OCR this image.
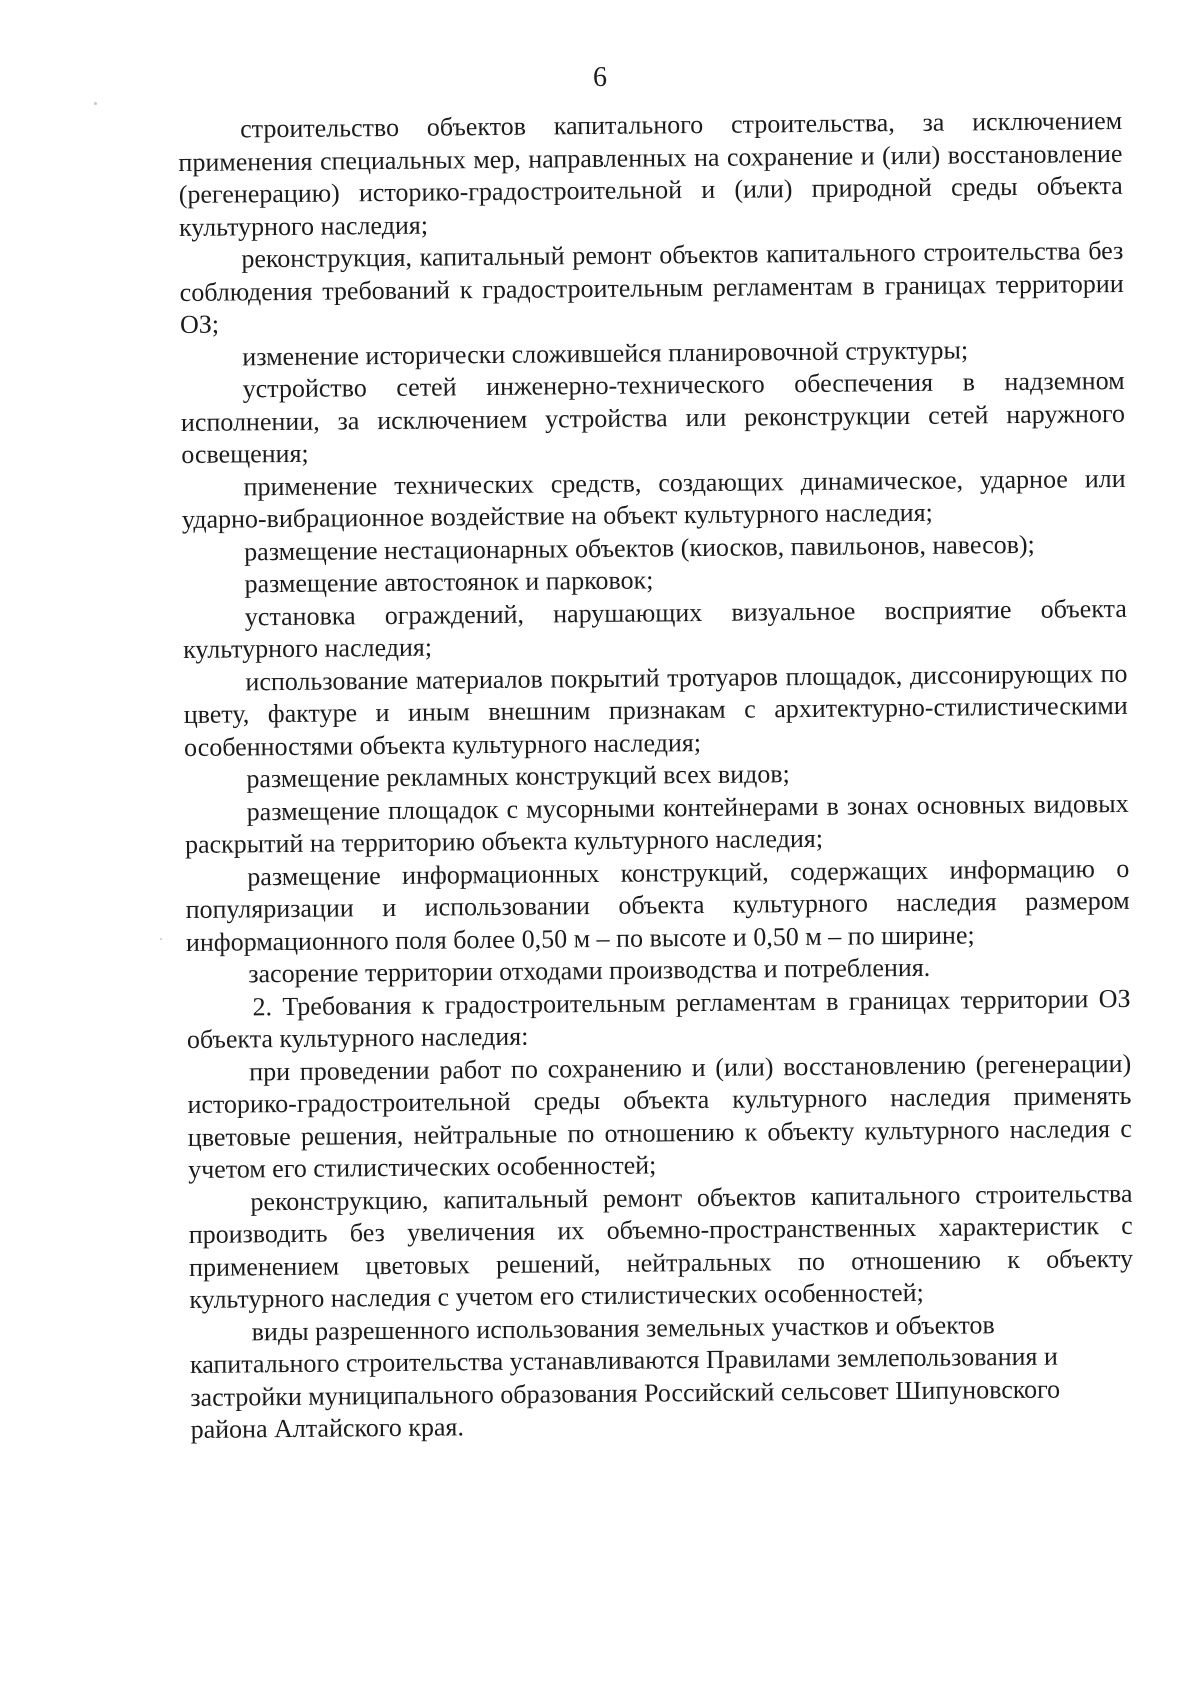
6

строительство объектов капитального строительства, за исключением применения специальных мер, направленных на сохранение и (или) восстановление (регенерацию) историко-градостроительной и (или) природной среды объекта культурного наследия;

реконструкция, капитальный ремонт объектов капитального строительства без соблюдения требований к градостроительным регламентам в границах территории ОЗ;

изменение исторически сложившейся планировочной структуры;

устройство сетей инженерно-технического обеспечения в надземном исполнении, за исключением устройства или реконструкции сетей наружного освещения;

применение технических средств, создающих динамическое, ударное или ударно-вибрационное воздействие на объект культурного наследия;

размещение нестационарных объектов (киосков, павильонов, навесов);

размещение автостоянок и парковок;

установка ограждений, нарушающих визуальное восприятие объекта культурного наследия;

использование материалов покрытий тротуаров площадок, диссонирующих по цвету, фактуре и иным внешним признакам с архитектурно-стилистическими особенностями объекта культурного наследия;

размещение рекламных конструкций всех видов;

размещение площадок с мусорными контейнерами в зонах основных видовых раскрытий на территорию объекта культурного наследия;

размещение информационных конструкций, содержащих информацию о популяризации и использовании объекта культурного наследия размером информационного поля более 0,50 м – по высоте и 0,50 м – по ширине;

засорение территории отходами производства и потребления.

2. Требования к градостроительным регламентам в границах территории ОЗ объекта культурного наследия:

при проведении работ по сохранению и (или) восстановлению (регенерации) историко-градостроительной среды объекта культурного наследия применять цветовые решения, нейтральные по отношению к объекту культурного наследия с учетом его стилистических особенностей;

реконструкцию, капитальный ремонт объектов капитального строительства производить без увеличения их объемно-пространственных характеристик с применением цветовых решений, нейтральных по отношению к объекту культурного наследия с учетом его стилистических особенностей;

виды разрешенного использования земельных участков и объектов капитального строительства устанавливаются Правилами землепользования и застройки муниципального образования Российский сельсовет Шипуновского района Алтайского края.
